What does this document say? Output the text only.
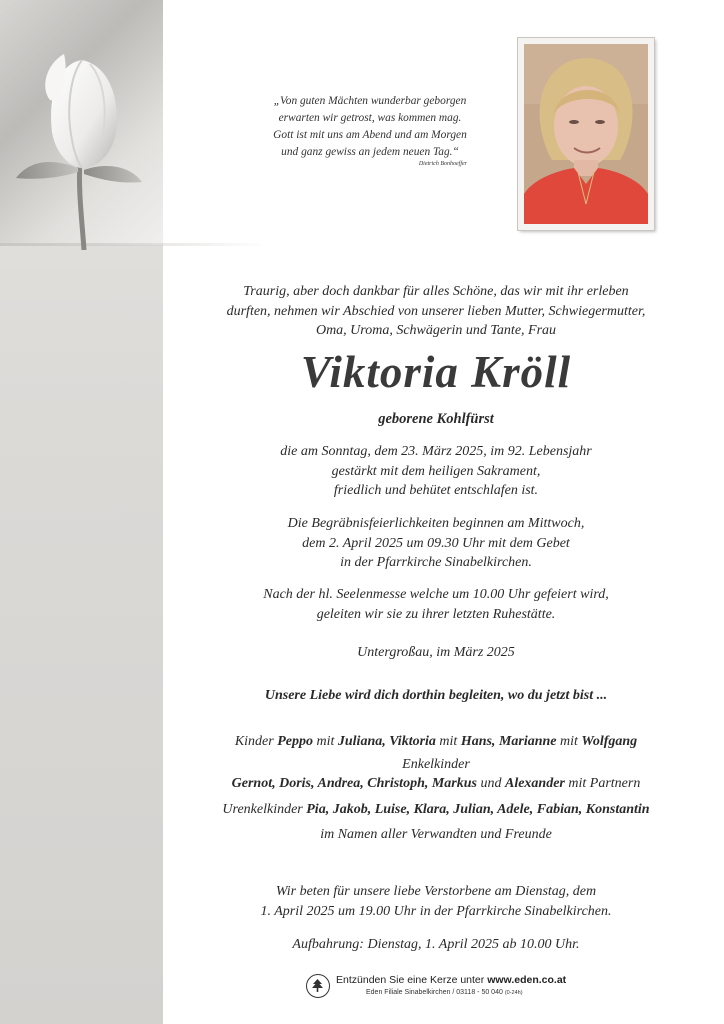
„Von guten Mächten wunderbar geborgen
erwarten wir getrost, was kommen mag.
Gott ist mit uns am Abend und am Morgen
und ganz gewiss an jedem neuen Tag.“
Dietrich Bonhoeffer
Traurig, aber doch dankbar für alles Schöne, das wir mit ihr erleben
durften, nehmen wir Abschied von unserer lieben Mutter, Schwiegermutter,
Oma, Uroma, Schwägerin und Tante, Frau
Viktoria Kröll
geborene Kohlfürst
die am Sonntag, dem 23. März 2025, im 92. Lebensjahr
gestärkt mit dem heiligen Sakrament,
friedlich und behütet entschlafen ist.
Die Begräbnisfeierlichkeiten beginnen am Mittwoch,
dem 2. April 2025 um 09.30 Uhr mit dem Gebet
in der Pfarrkirche Sinabelkirchen.
Nach der hl. Seelenmesse welche um 10.00 Uhr gefeiert wird,
geleiten wir sie zu ihrer letzten Ruhestätte.
Untergroßau, im März 2025
Unsere Liebe wird dich dorthin begleiten, wo du jetzt bist ...
Kinder Peppo mit Juliana, Viktoria mit Hans, Marianne mit Wolfgang
Enkelkinder
Gernot, Doris, Andrea, Christoph, Markus und Alexander mit Partnern
Urenkelkinder Pia, Jakob, Luise, Klara, Julian, Adele, Fabian, Konstantin
im Namen aller Verwandten und Freunde
Wir beten für unsere liebe Verstorbene am Dienstag, dem
1. April 2025 um 19.00 Uhr in der Pfarrkirche Sinabelkirchen.
Aufbahrung: Dienstag, 1. April 2025 ab 10.00 Uhr.
Entzünden Sie eine Kerze unter www.eden.co.at
Eden Filiale Sinabelkirchen / 03118 - 50 040 (0-24h)
